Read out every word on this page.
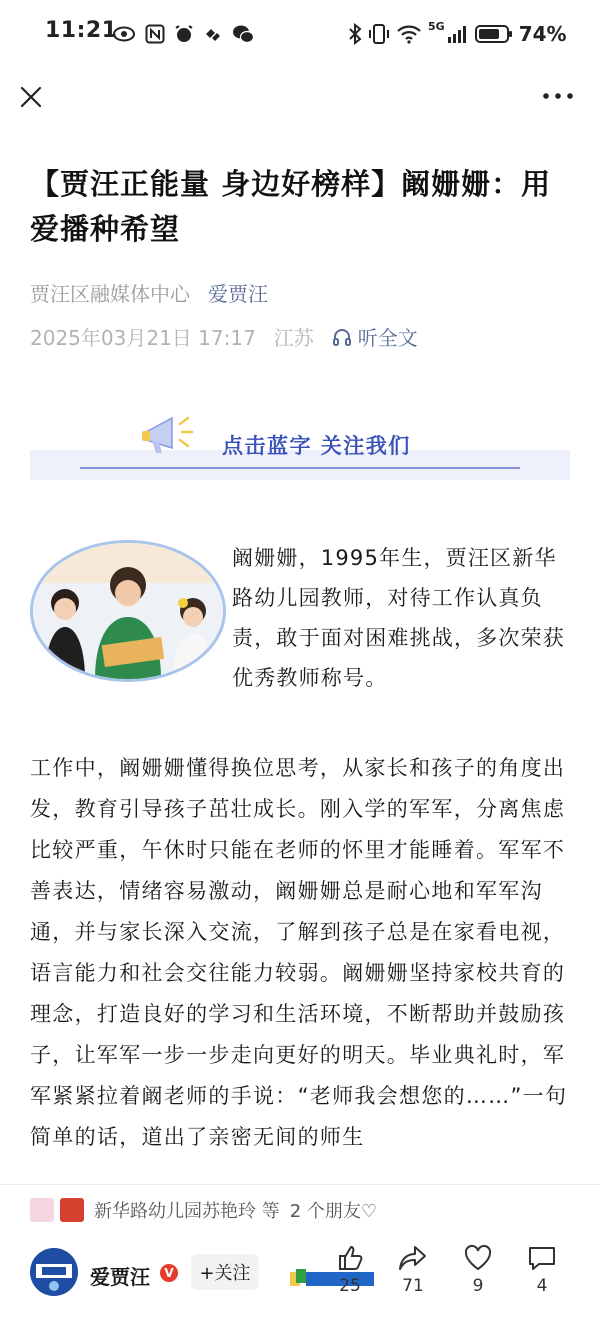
11:21	5G	74%
【贾汪正能量 身边好榜样】阚姗姗：用爱播种希望
贾汪区融媒体中心 爱贾汪
2025年03月21日 17:17 江苏 听全文
点击蓝字 关注我们
阚姗姗，1995年生，贾汪区新华路幼儿园教师，对待工作认真负责，敢于面对困难挑战，多次荣获优秀教师称号。
工作中，阚姗姗懂得换位思考，从家长和孩子的角度出发，教育引导孩子茁壮成长。刚入学的军军，分离焦虑比较严重，午休时只能在老师的怀里才能睡着。军军不善表达，情绪容易激动，阚姗姗总是耐心地和军军沟通，并与家长深入交流，了解到孩子总是在家看电视，语言能力和社会交往能力较弱。阚姗姗坚持家校共育的理念，打造良好的学习和生活环境，不断帮助并鼓励孩子，让军军一步一步走向更好的明天。毕业典礼时，军军紧紧拉着阚老师的手说：“老师我会想您的……”一句简单的话，道出了亲密无间的师生
新华路幼儿园苏艳玲 等 2 个朋友♡
爱贾汪	V	+关注
25 71	9	4
